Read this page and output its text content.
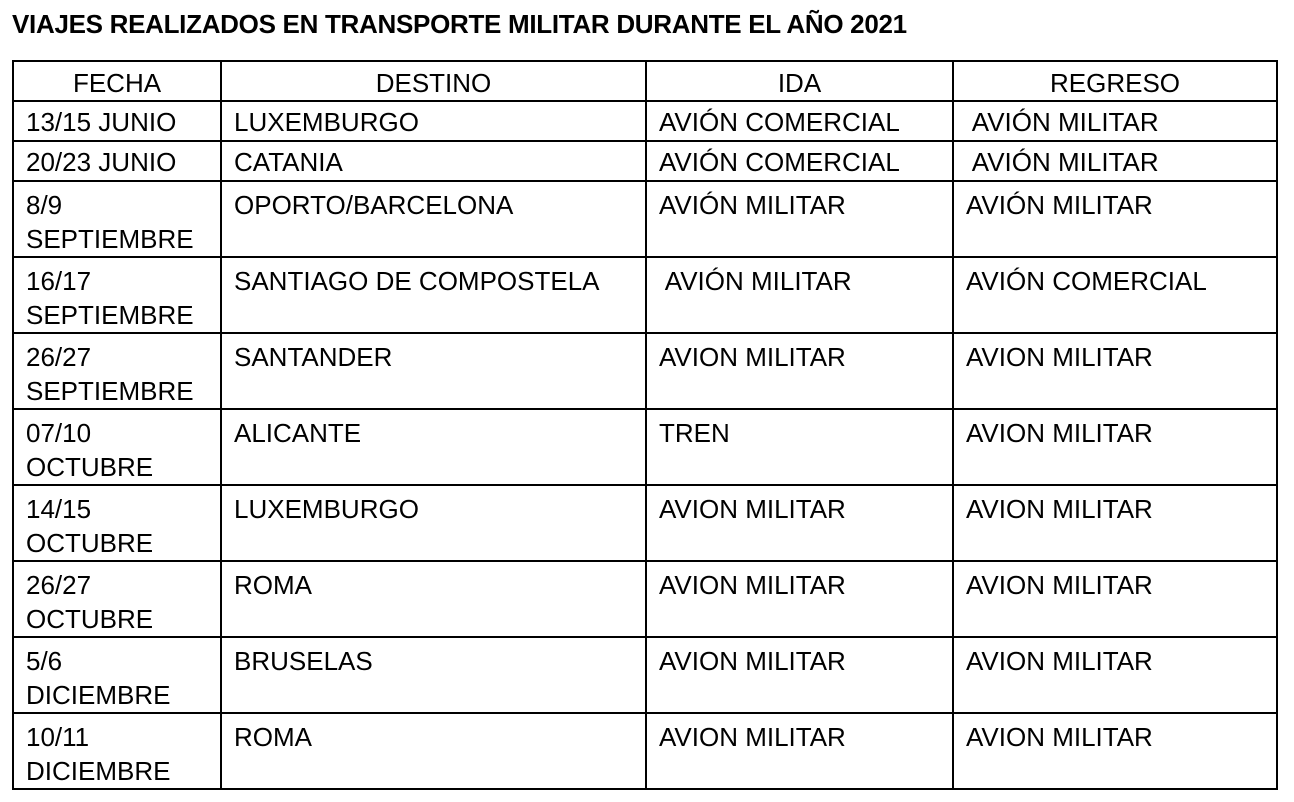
VIAJES REALIZADOS EN TRANSPORTE MILITAR DURANTE EL AÑO 2021
FECHA	DESTINO	IDA	REGRESO

13/15 JUNIO	LUXEMBURGO	AVIÓN COMERCIAL	AVIÓN MILITAR

20/23 JUNIO	CATANIA	AVIÓN COMERCIAL	AVIÓN MILITAR

8/9
SEPTIEMBRE	OPORTO/BARCELONA	AVIÓN MILITAR	AVIÓN MILITAR

16/17
SEPTIEMBRE	SANTIAGO DE COMPOSTELA	AVIÓN MILITAR	AVIÓN COMERCIAL

26/27
SEPTIEMBRE	SANTANDER	AVION MILITAR	AVION MILITAR

07/10
OCTUBRE	ALICANTE	TREN	AVION MILITAR

14/15
OCTUBRE	LUXEMBURGO	AVION MILITAR	AVION MILITAR

26/27
OCTUBRE	ROMA	AVION MILITAR	AVION MILITAR

5/6
DICIEMBRE	BRUSELAS	AVION MILITAR	AVION MILITAR

10/11
DICIEMBRE	ROMA	AVION MILITAR	AVION MILITAR
